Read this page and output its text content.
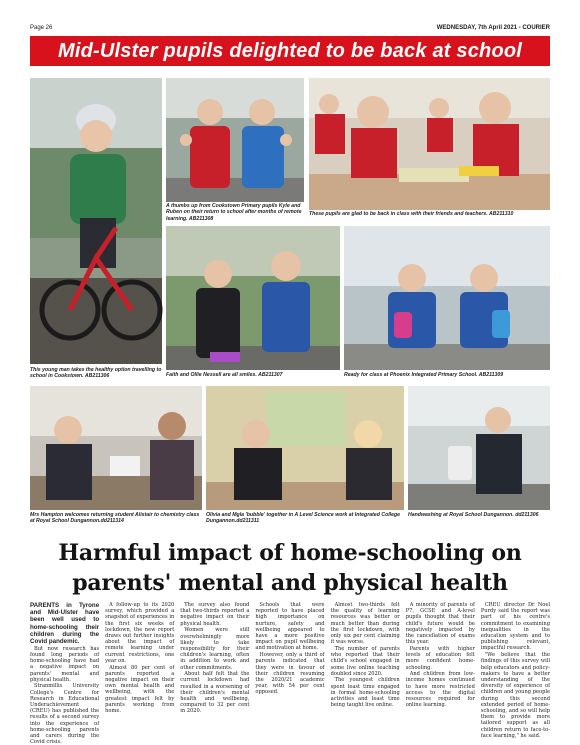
Page 26	WEDNESDAY, 7th April 2021 - COURIER
Mid-Ulster pupils delighted to be back at school
This young man takes the healthy option travelling to school in Cookstown. AB211306
A thumbs up from Cookstown Primary pupils Kyle and Ruben on their return to school after months of remote learning. AB211308
These pupils are glad to be back in class with their friends and teachers. AB211310
Faith and Ollie Nessell are all smiles. AB211307	Ready for class at Phoenix Integrated Primary School. AB211309
Mrs Hampton welcomes returning student Alistair to chemistry class at Royal School Dungannon.dd211314
Olivia and Mgla 'bubble' together in A Level Science work at Integrated College Dungannon.dd211311
Handwashing at Royal School Dungannon. dd211306
Harmful impact of home-schooling on parents' mental and physical health

PARENTS in Tyrone and Mid-Ulster have been well used to home-schooling their children during the Covid pandemic.

But now research has found long periods of home-schooling have had a negative impact on parents' mental and physical health.

Stranmillis University College's Centre for Research in Educational Underachievement (CREU) has published the results of a second survey into the experience of home-schooling parents and carers during the Covid crisis.

A follow-up to its 2020 survey, which provided a snapshot of experiences in the first six weeks of lockdown, the new report draws out further insights about the impact of remote learning under current restrictions, one year on.

Almost 80 per cent of parents reported a negative impact on their own mental health and wellbeing, with the greatest impact felt by parents working from home.

The survey also found that two-thirds reported a negative impact on their physical health.

Women were still overwhelmingly more likely to take responsibility for their children's learning, often in addition to work and other commitments.

About half felt that the current lockdown had resulted in a worsening of their children's mental health and wellbeing, compared to 32 per cent in 2020.

Schools that were reported to have placed high importance on nurture, safety and wellbeing appeared to have a more positive impact on pupil wellbeing and motivation at home.

However, only a third of parents indicated that they were in favour of their children resuming the 2020/21 academic year, with 54 per cent opposed.

Almost two-thirds felt the quality of learning resources was better or much better than during the first lockdown, with only six per cent claiming it was worse.

The number of parents who reported that their child's school engaged in some live online teaching doubled since 2020.

The youngest children spent least time engaged in formal home-schooling activities and least time being taught live online.

A minority of parents of P7, GCSE and A-level pupils thought that their child's future would be negatively impacted by the cancellation of exams this year.

Parents with higher levels of education felt more confident home-schooling.

And children from low-income homes continued to have more restricted access to the digital resources required for online learning.

CREU director Dr Noel Purdy said the report was part of his centre's commitment to examining inequalities in the education system and to publishing relevant, impactful research.

"We believe that the findings of this survey will help educators and policy-makers to have a better understanding of the diversity of experience of children and young people during this second extended period of home-schooling, and so will help them to provide more tailored support as all children return to face-to-face learning," he said.
